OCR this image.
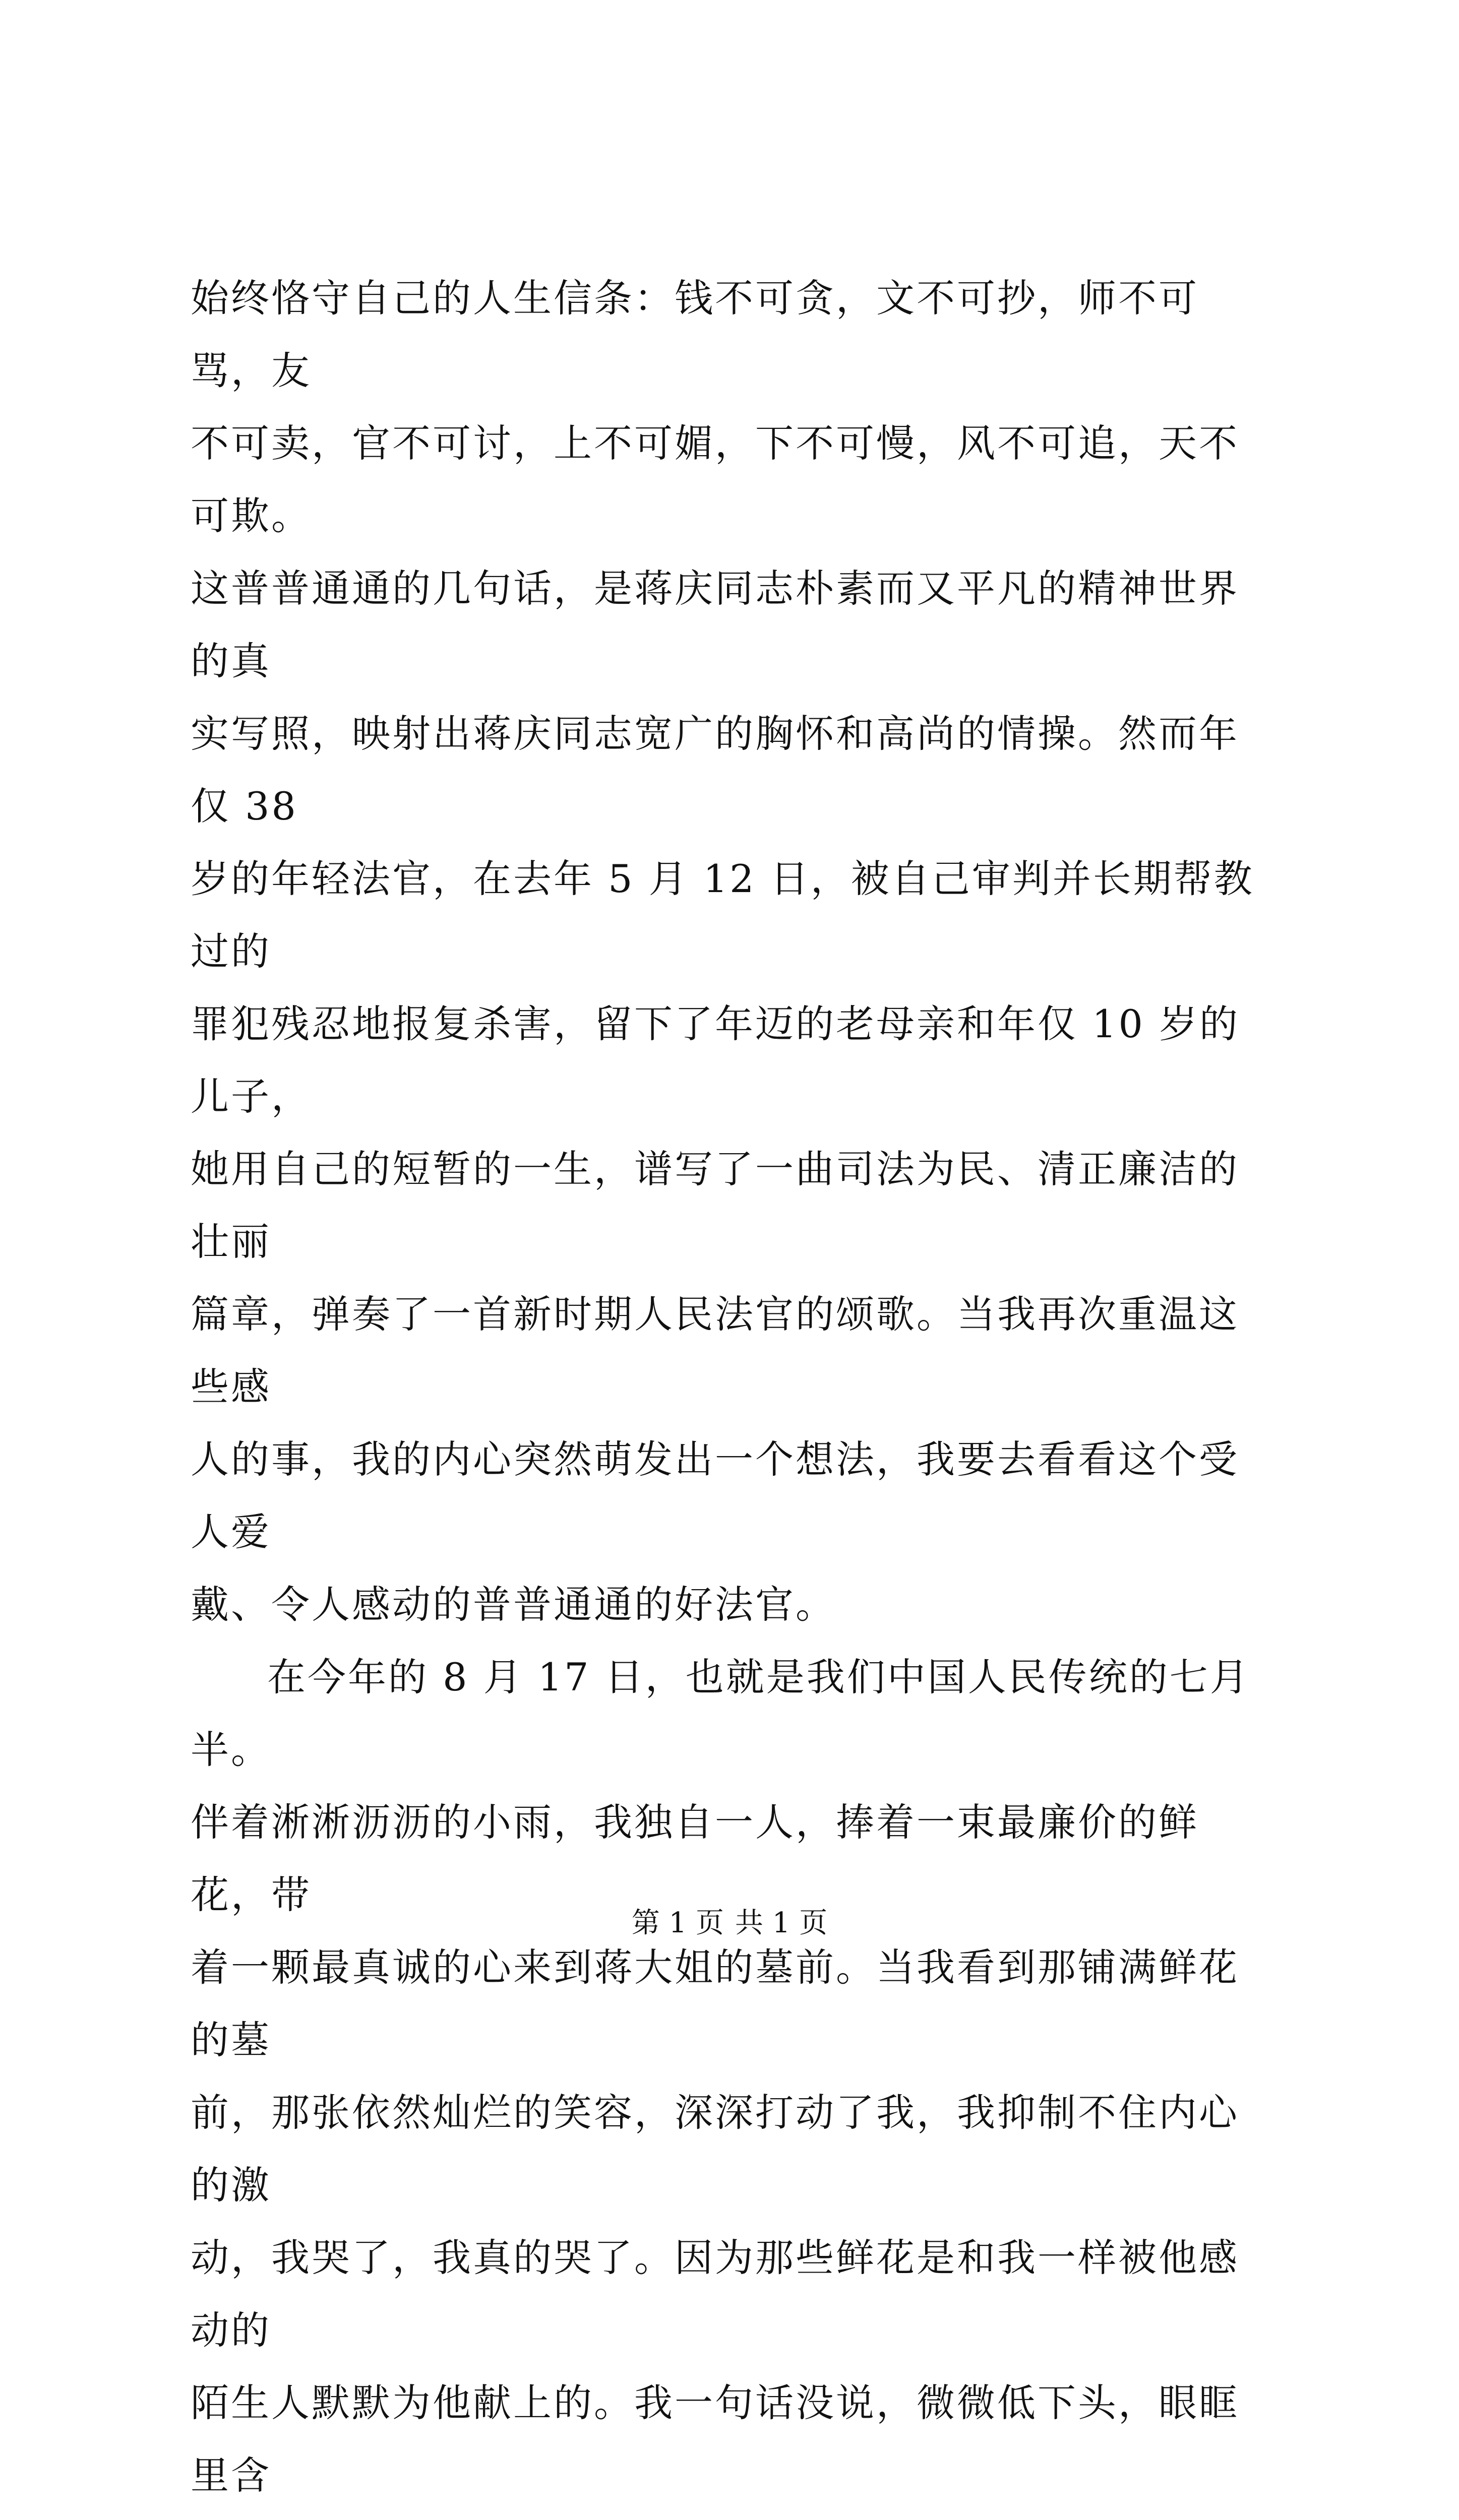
始终恪守自己的人生信条：钱不可贪，文不可抄，师不可骂，友

不可卖，官不可讨，上不可媚，下不可慢，风不可追，天不可欺。

这普普通通的几句话，是蒋庆同志朴素而又平凡的精神世界的真

实写照，映射出蒋庆同志宽广的胸怀和高尚的情操。然而年仅 38

岁的年轻法官，在去年 5 月 12 日，被自己审判并长期帮教过的

罪犯残忍地报复杀害，留下了年迈的老母亲和年仅 10 岁的儿子，

她用自己的短暂的一生，谱写了一曲司法为民、清正廉洁的壮丽

篇章，弹奏了一首新时期人民法官的颂歌。当我再次重温这些感

人的事，我的内心突然萌发出一个想法，我要去看看这个受人爱

戴、令人感动的普普通通的好法官。

在今年的 8 月 17 日，也就是我们中国人民传统的七月半。

伴着淅淅沥沥的小雨，我独自一人，捧着一束最廉价的鲜花，带

着一颗最真诚的心来到蒋大姐的墓前。当我看到那铺满鲜花的墓

前，那张依然灿烂的笑容，深深打动了我，我抑制不住内心的激

动，我哭了，我真的哭了。因为那些鲜花是和我一样被他感动的

陌生人默默为他献上的。我一句话没说，微微低下头，眼眶里含

第 1 页 共 1 页
